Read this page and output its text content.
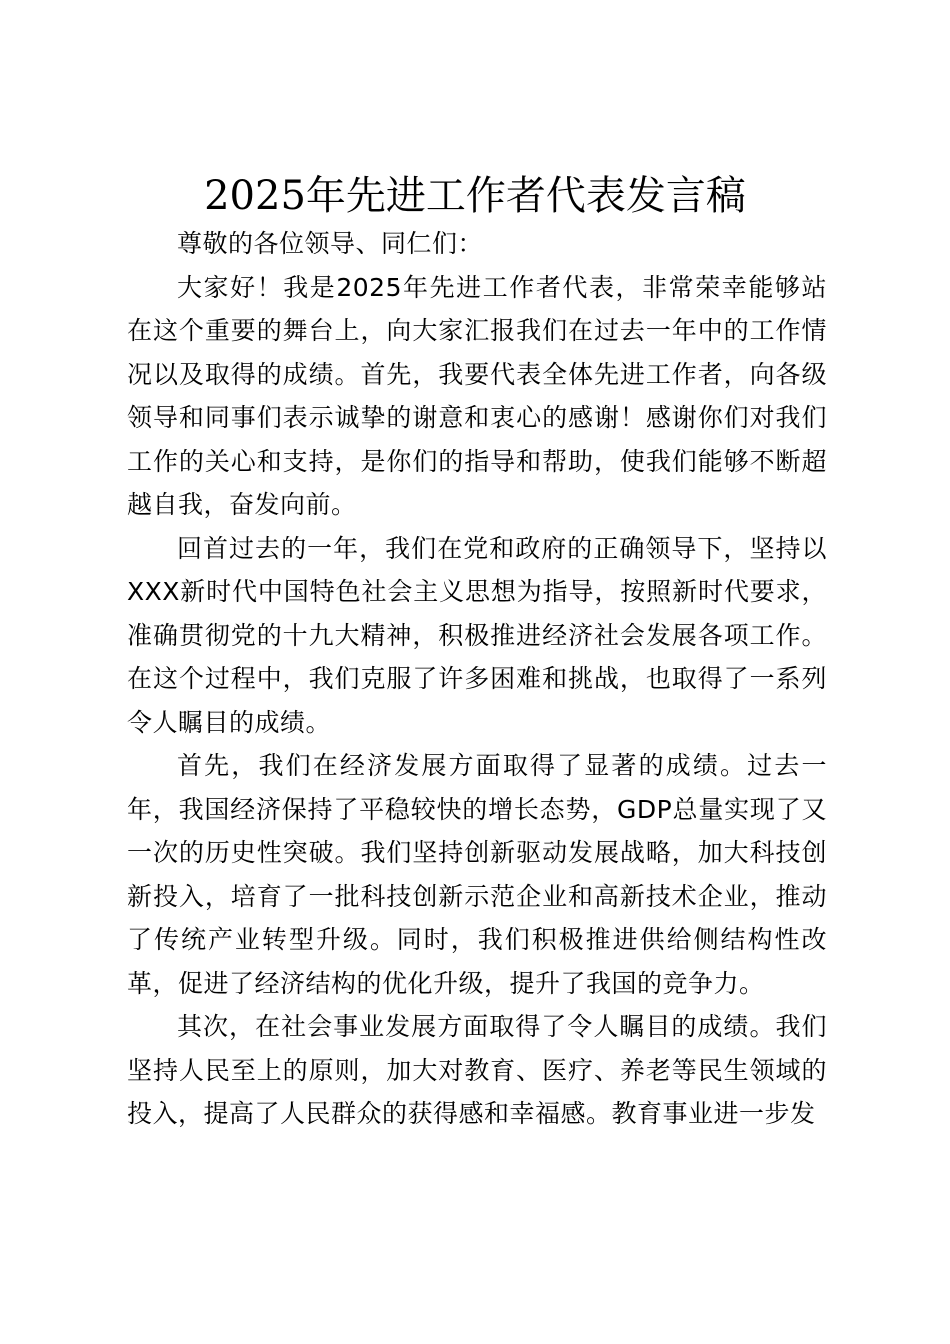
2025年先进工作者代表发言稿

尊敬的各位领导、同仁们：

大家好！我是2025年先进工作者代表，非常荣幸能够站在这个重要的舞台上，向大家汇报我们在过去一年中的工作情况以及取得的成绩。首先，我要代表全体先进工作者，向各级领导和同事们表示诚挚的谢意和衷心的感谢！感谢你们对我们工作的关心和支持，是你们的指导和帮助，使我们能够不断超越自我，奋发向前。

回首过去的一年，我们在党和政府的正确领导下，坚持以XXX新时代中国特色社会主义思想为指导，按照新时代要求，准确贯彻党的十九大精神，积极推进经济社会发展各项工作。在这个过程中，我们克服了许多困难和挑战，也取得了一系列令人瞩目的成绩。

首先，我们在经济发展方面取得了显著的成绩。过去一年，我国经济保持了平稳较快的增长态势，GDP总量实现了又一次的历史性突破。我们坚持创新驱动发展战略，加大科技创新投入，培育了一批科技创新示范企业和高新技术企业，推动了传统产业转型升级。同时，我们积极推进供给侧结构性改革，促进了经济结构的优化升级，提升了我国的竞争力。

其次，在社会事业发展方面取得了令人瞩目的成绩。我们坚持人民至上的原则，加大对教育、医疗、养老等民生领域的投入，提高了人民群众的获得感和幸福感。教育事业进一步发
